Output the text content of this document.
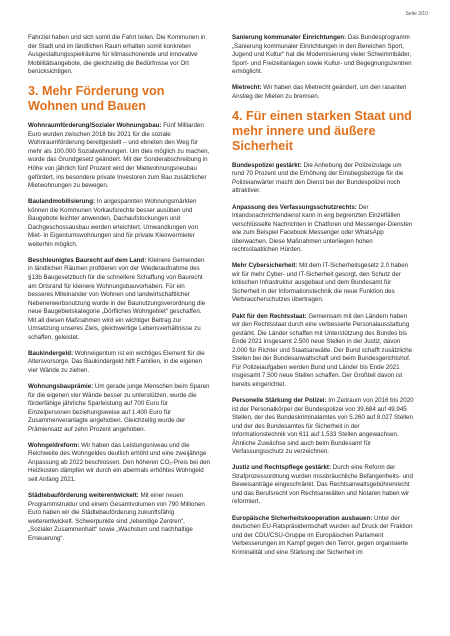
Seite 3/10

Fahrziel haben und sich somit die Fahrt teilen. Die Kommunen in der Stadt und im ländlichen Raum erhalten somit konkreten Ausgestaltungsspielräume für klimaschonende und innovative Mobilitätsangebote, die gleichzeitig die Bedürfnisse vor Ort berücksichtigen.

3. Mehr Förderung von Wohnen und Bauen

Wohnraumförderung/Sozialer Wohnungsbau: Fünf Milliarden Euro wurden zwischen 2018 bis 2021 für die soziale Wohnraumförderung bereitgestellt – und ebneten den Weg für mehr als 100.000 Sozialwohnungen. Um dies möglich zu machen, wurde das Grundgesetz geändert. Mit der Sonderabschreibung in Höhe von jährlich fünf Prozent wird der Mietwohnungsneubau gefördert, ins besondere private Investoren zum Bau zusätzlicher Mietwohnungen zu bewegen.

Baulandmobilisierung: In angespannten Wohnungsmärkten können die Kommunen Vorkaufsrechte besser ausüben und Baugebote leichter anwenden, Dachaufstockungen und Dachgeschossausbau werden erleichtert. Umwandlungen von Miet- in Eigentumswohnungen sind für private Kleinvermieter weiterhin möglich.

Beschleunigtes Baurecht auf dem Land: Kleinere Gemeinden in ländlichen Räumen profitieren von der Wiederaufnahme des §13b Baugesetzbuch für die schnellere Schaffung von Baurecht am Ortsrand für kleinere Wohnungsbauvorhaben. Für ein besseres Miteinander von Wohnen und landwirtschaftlicher Nebenerwerbsnutzung wurde in der Baunutzungsverordnung die neue Baugebietskategorie „Dörfliches Wohngebiet“ geschaffen. Mit all diesen Maßnahmen wird ein wichtiger Beitrag zur Umsetzung unseres Ziels, gleichwertige Lebensverhältnisse zu schaffen, geleistet.

Baukindergeld: Wohneigentum ist ein wichtiges Element für die Altersvorsorge. Das Baukindergeld hilft Familien, in die eigenen vier Wände zu ziehen.

Wohnungsbauprämie: Um gerade junge Menschen beim Sparen für die eigenen vier Wände besser zu unterstützen, wurde die förderfähige jährliche Sparleistung auf 700 Euro für Einzelpersonen beziehungsweise auf 1.400 Euro für Zusammenveranlagte angehoben. Gleichzeitig wurde der Prämiensatz auf zehn Prozent angehoben.

Wohngeldreform: Wir haben das Leistungsniveau und die Reichweite des Wohngeldes deutlich erhöht und eine zweijährige Anpassung ab 2022 beschlossen. Den höheren CO₂-Preis bei den Heizkosten dämpfen wir durch ein abermals erhöhtes Wohngeld seit Anfang 2021.

Städtebauförderung weiterentwickelt: Mit einer neuen Programmstruktur und einem Gesamtvolumen von 790 Millionen Euro haben wir die Städtebauförderung zukunftsfähig weiterentwickelt. Schwerpunkte sind „lebendige Zentren“, „Sozialer Zusammenhalt“ sowie „Wachstum und nachhaltige Erneuerung“.

Sanierung kommunaler Einrichtungen: Das Bundesprogramm „Sanierung kommunaler Einrichtungen in den Bereichen Sport, Jugend und Kultur“ hat die Modernisierung vieler Schwimmbäder, Sport- und Freizeitanlagen sowie Kultur- und Begegnungszentren ermöglicht.

Mietrecht: Wir haben das Mietrecht geändert, um den rasanten Anstieg der Mieten zu bremsen.

4. Für einen starken Staat und mehr innere und äußere Sicherheit

Bundespolizei gestärkt: Die Anhebung der Polizeizulage um rund 70 Prozent und die Erhöhung der Einstiegsbezüge für die Polizeianwärter macht den Dienst bei der Bundespolizei noch attraktiver.

Anpassung des Verfassungsschutzrechts: Der Inlandsnachrichtendienst kann in eng begrenzten Einzelfällen verschlüsselte Nachrichten in Chatforen und Messenger-Diensten wie zum Beispiel Facebook Messenger oder WhatsApp überwachen. Diese Maßnahmen unterliegen hohen rechtsstaatlichen Hürden.

Mehr Cybersicherheit: Mit dem IT-Sicherheitsgesetz 2.0 haben wir für mehr Cyber- und IT-Sicherheit gesorgt, den Schutz der kritischen Infrastruktur ausgebaut und dem Bundesamt für Sicherheit in der Informationstechnik die neue Funktion des Verbraucherschutzes übertragen.

Pakt für den Rechtsstaat: Gemeinsam mit den Ländern haben wir den Rechtsstaat durch eine verbesserte Personalausstattung gestärkt. Die Länder schaffen mit Unterstützung des Bundes bis Ende 2021 insgesamt 2.500 neue Stellen in der Justiz, davon 2.000 für Richter und Staatsanwälte. Der Bund schafft zusätzliche Stellen bei der Bundesanwaltschaft und beim Bundesgerichtshof. Für Polizeiaufgaben werden Bund und Länder bis Ende 2021 insgesamt 7.500 neue Stellen schaffen. Der Großteil davon ist bereits eingerichtet.

Personelle Stärkung der Polizei: Im Zeitraum von 2016 bis 2020 ist der Personalkörper der Bundespolizei von 39.684 auf 49.945 Stellen, der des Bundeskriminalamtes von 5.260 auf 8.027 Stellen und der des Bundesamtes für Sicherheit in der Informationstechnik von 611 auf 1.533 Stellen angewachsen. Ähnliche Zuwächse sind auch beim Bundesamt für Verfassungsschutz zu verzeichnen.

Justiz und Rechtspflege gestärkt: Durch eine Reform der Strafprozessordnung wurden missbräuchliche Befangenheits- und Beweisanträge eingeschränkt. Das Rechtsanwaltsgebührenrecht und das Berufsrecht von Rechtsanwälten und Notaren haben wir reformiert.

Europäische Sicherheitskooperation ausbauen: Unter der deutschen EU-Ratspräsidentschaft wurden auf Druck der Fraktion und der CDU/CSU-Gruppe im Europäischen Parlament Verbesserungen im Kampf gegen den Terror, gegen organisierte Kriminalität und eine Stärkung der Sicherheit im
